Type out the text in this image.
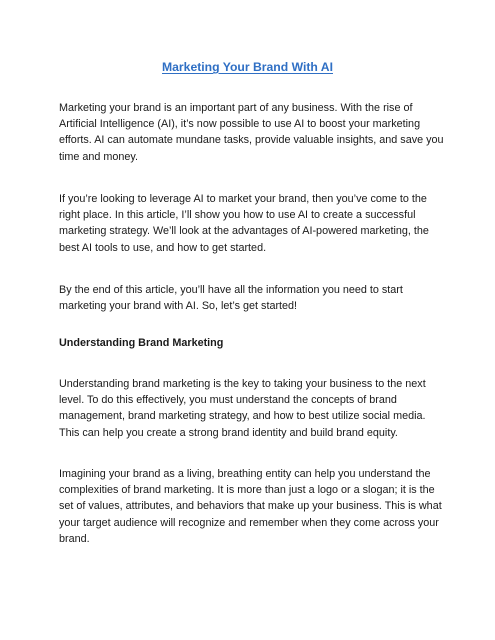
Marketing Your Brand With AI

Marketing your brand is an important part of any business. With the rise of Artificial Intelligence (AI), it’s now possible to use AI to boost your marketing efforts. AI can automate mundane tasks, provide valuable insights, and save you time and money.

If you’re looking to leverage AI to market your brand, then you’ve come to the right place. In this article, I’ll show you how to use AI to create a successful marketing strategy. We’ll look at the advantages of AI-powered marketing, the best AI tools to use, and how to get started.

By the end of this article, you’ll have all the information you need to start marketing your brand with AI. So, let’s get started!

Understanding Brand Marketing

Understanding brand marketing is the key to taking your business to the next level. To do this effectively, you must understand the concepts of brand management, brand marketing strategy, and how to best utilize social media. This can help you create a strong brand identity and build brand equity.

Imagining your brand as a living, breathing entity can help you understand the complexities of brand marketing. It is more than just a logo or a slogan; it is the set of values, attributes, and behaviors that make up your business. This is what your target audience will recognize and remember when they come across your brand.
